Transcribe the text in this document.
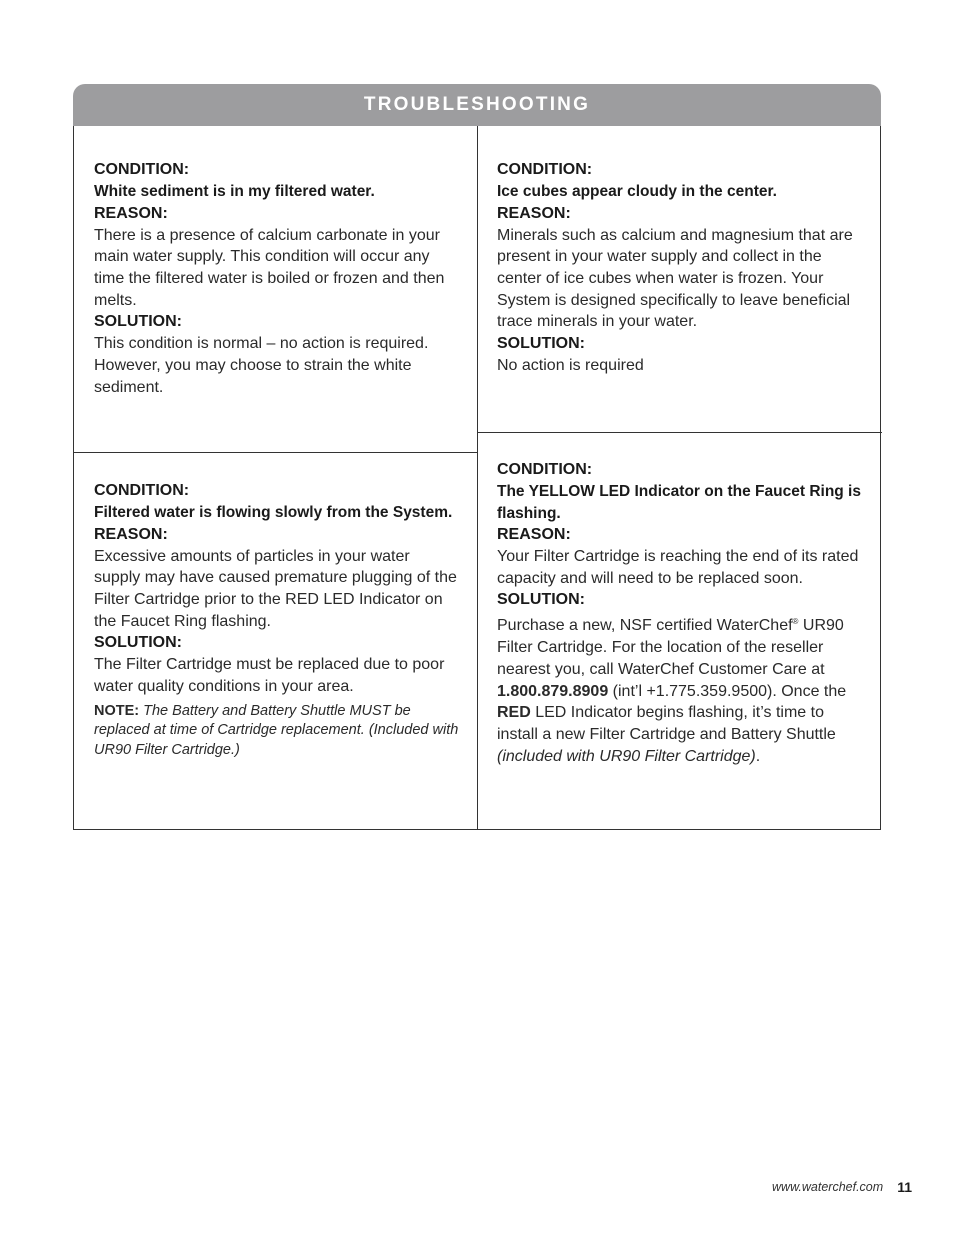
TROUBLESHOOTING
CONDITION:
White sediment is in my filtered water.
REASON:

There is a presence of calcium carbonate in your main water supply. This condition will occur any time the filtered water is boiled or frozen and then melts.

SOLUTION:

This condition is normal – no action is required. However, you may choose to strain the white sediment.

CONDITION:
Ice cubes appear cloudy in the center.
REASON:

Minerals such as calcium and magnesium that are present in your water supply and collect in the center of ice cubes when water is frozen. Your System is designed specifically to leave beneficial trace minerals in your water.

SOLUTION:

No action is required

CONDITION:
Filtered water is flowing slowly from the System.
REASON:

Excessive amounts of particles in your water supply may have caused premature plugging of the Filter Cartridge prior to the RED LED Indicator on the Faucet Ring flashing.

SOLUTION:

The Filter Cartridge must be replaced due to poor water quality conditions in your area.

NOTE: The Battery and Battery Shuttle MUST be replaced at time of Cartridge replacement. (Included with UR90 Filter Cartridge.)
CONDITION:
The YELLOW LED Indicator on the Faucet Ring is flashing.
REASON:

Your Filter Cartridge is reaching the end of its rated capacity and will need to be replaced soon.

SOLUTION:

Purchase a new, NSF certified WaterChef® UR90 Filter Cartridge. For the location of the reseller nearest you, call WaterChef Customer Care at 1.800.879.8909 (int’l +1.775.359.9500). Once the RED LED Indicator begins flashing, it’s time to install a new Filter Cartridge and Battery Shuttle (included with UR90 Filter Cartridge).

www.waterchef.com 11
